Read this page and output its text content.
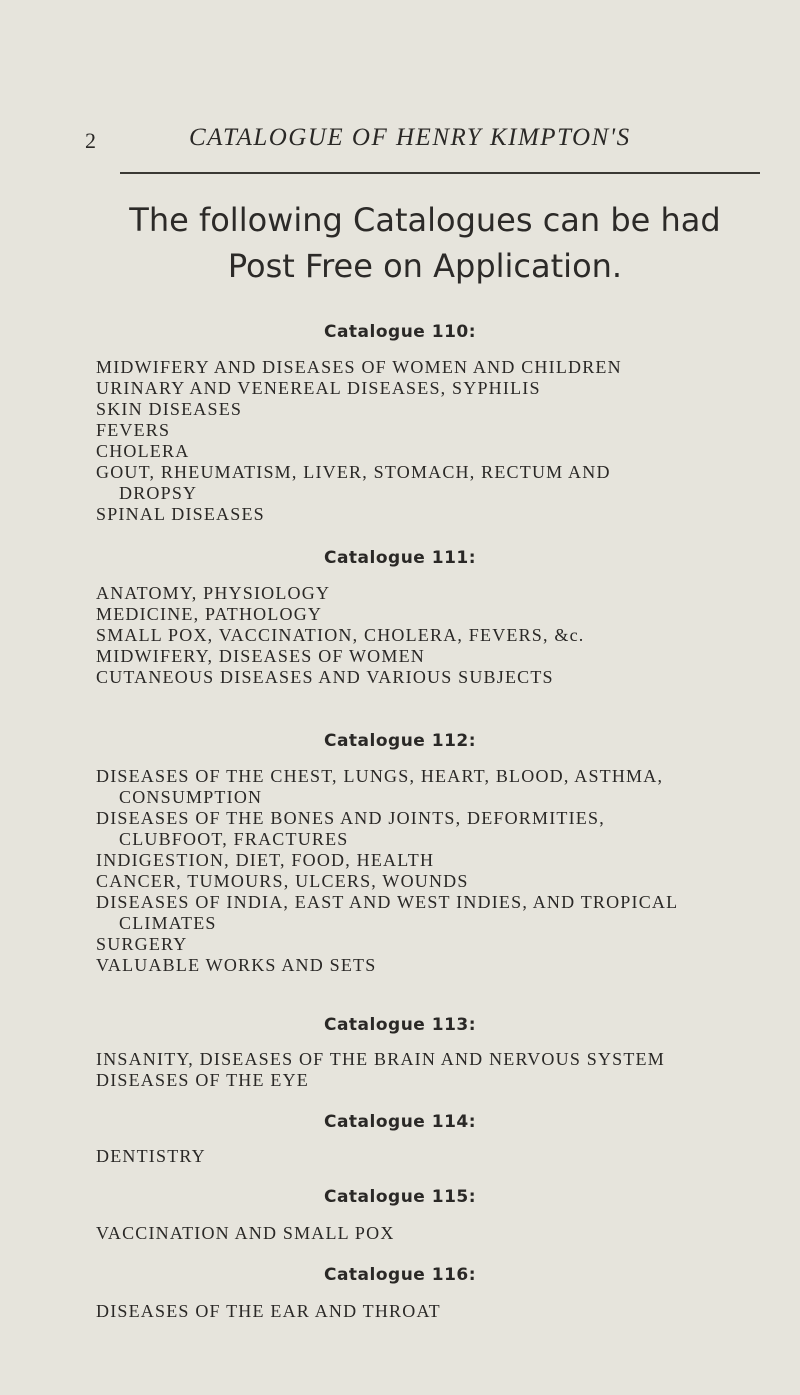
2	CATALOGUE OF HENRY KIMPTON'S
The following Catalogues can be had Post Free on Application.
Catalogue 110:
MIDWIFERY AND DISEASES OF WOMEN AND CHILDREN
URINARY AND VENEREAL DISEASES, SYPHILIS
SKIN DISEASES
FEVERS
CHOLERA
GOUT, RHEUMATISM, LIVER, STOMACH, RECTUM AND
DROPSY
SPINAL DISEASES
Catalogue 111:
ANATOMY, PHYSIOLOGY
MEDICINE, PATHOLOGY
SMALL POX, VACCINATION, CHOLERA, FEVERS, &c.
MIDWIFERY, DISEASES OF WOMEN
CUTANEOUS DISEASES AND VARIOUS SUBJECTS
Catalogue 112:
DISEASES OF THE CHEST, LUNGS, HEART, BLOOD, ASTHMA,
CONSUMPTION
DISEASES OF THE BONES AND JOINTS, DEFORMITIES,
CLUBFOOT, FRACTURES
INDIGESTION, DIET, FOOD, HEALTH
CANCER, TUMOURS, ULCERS, WOUNDS
DISEASES OF INDIA, EAST AND WEST INDIES, AND TROPICAL
CLIMATES
SURGERY
VALUABLE WORKS AND SETS
Catalogue 113:
INSANITY, DISEASES OF THE BRAIN AND NERVOUS SYSTEM
DISEASES OF THE EYE
Catalogue 114:
DENTISTRY
Catalogue 115:
VACCINATION AND SMALL POX
Catalogue 116:
DISEASES OF THE EAR AND THROAT
